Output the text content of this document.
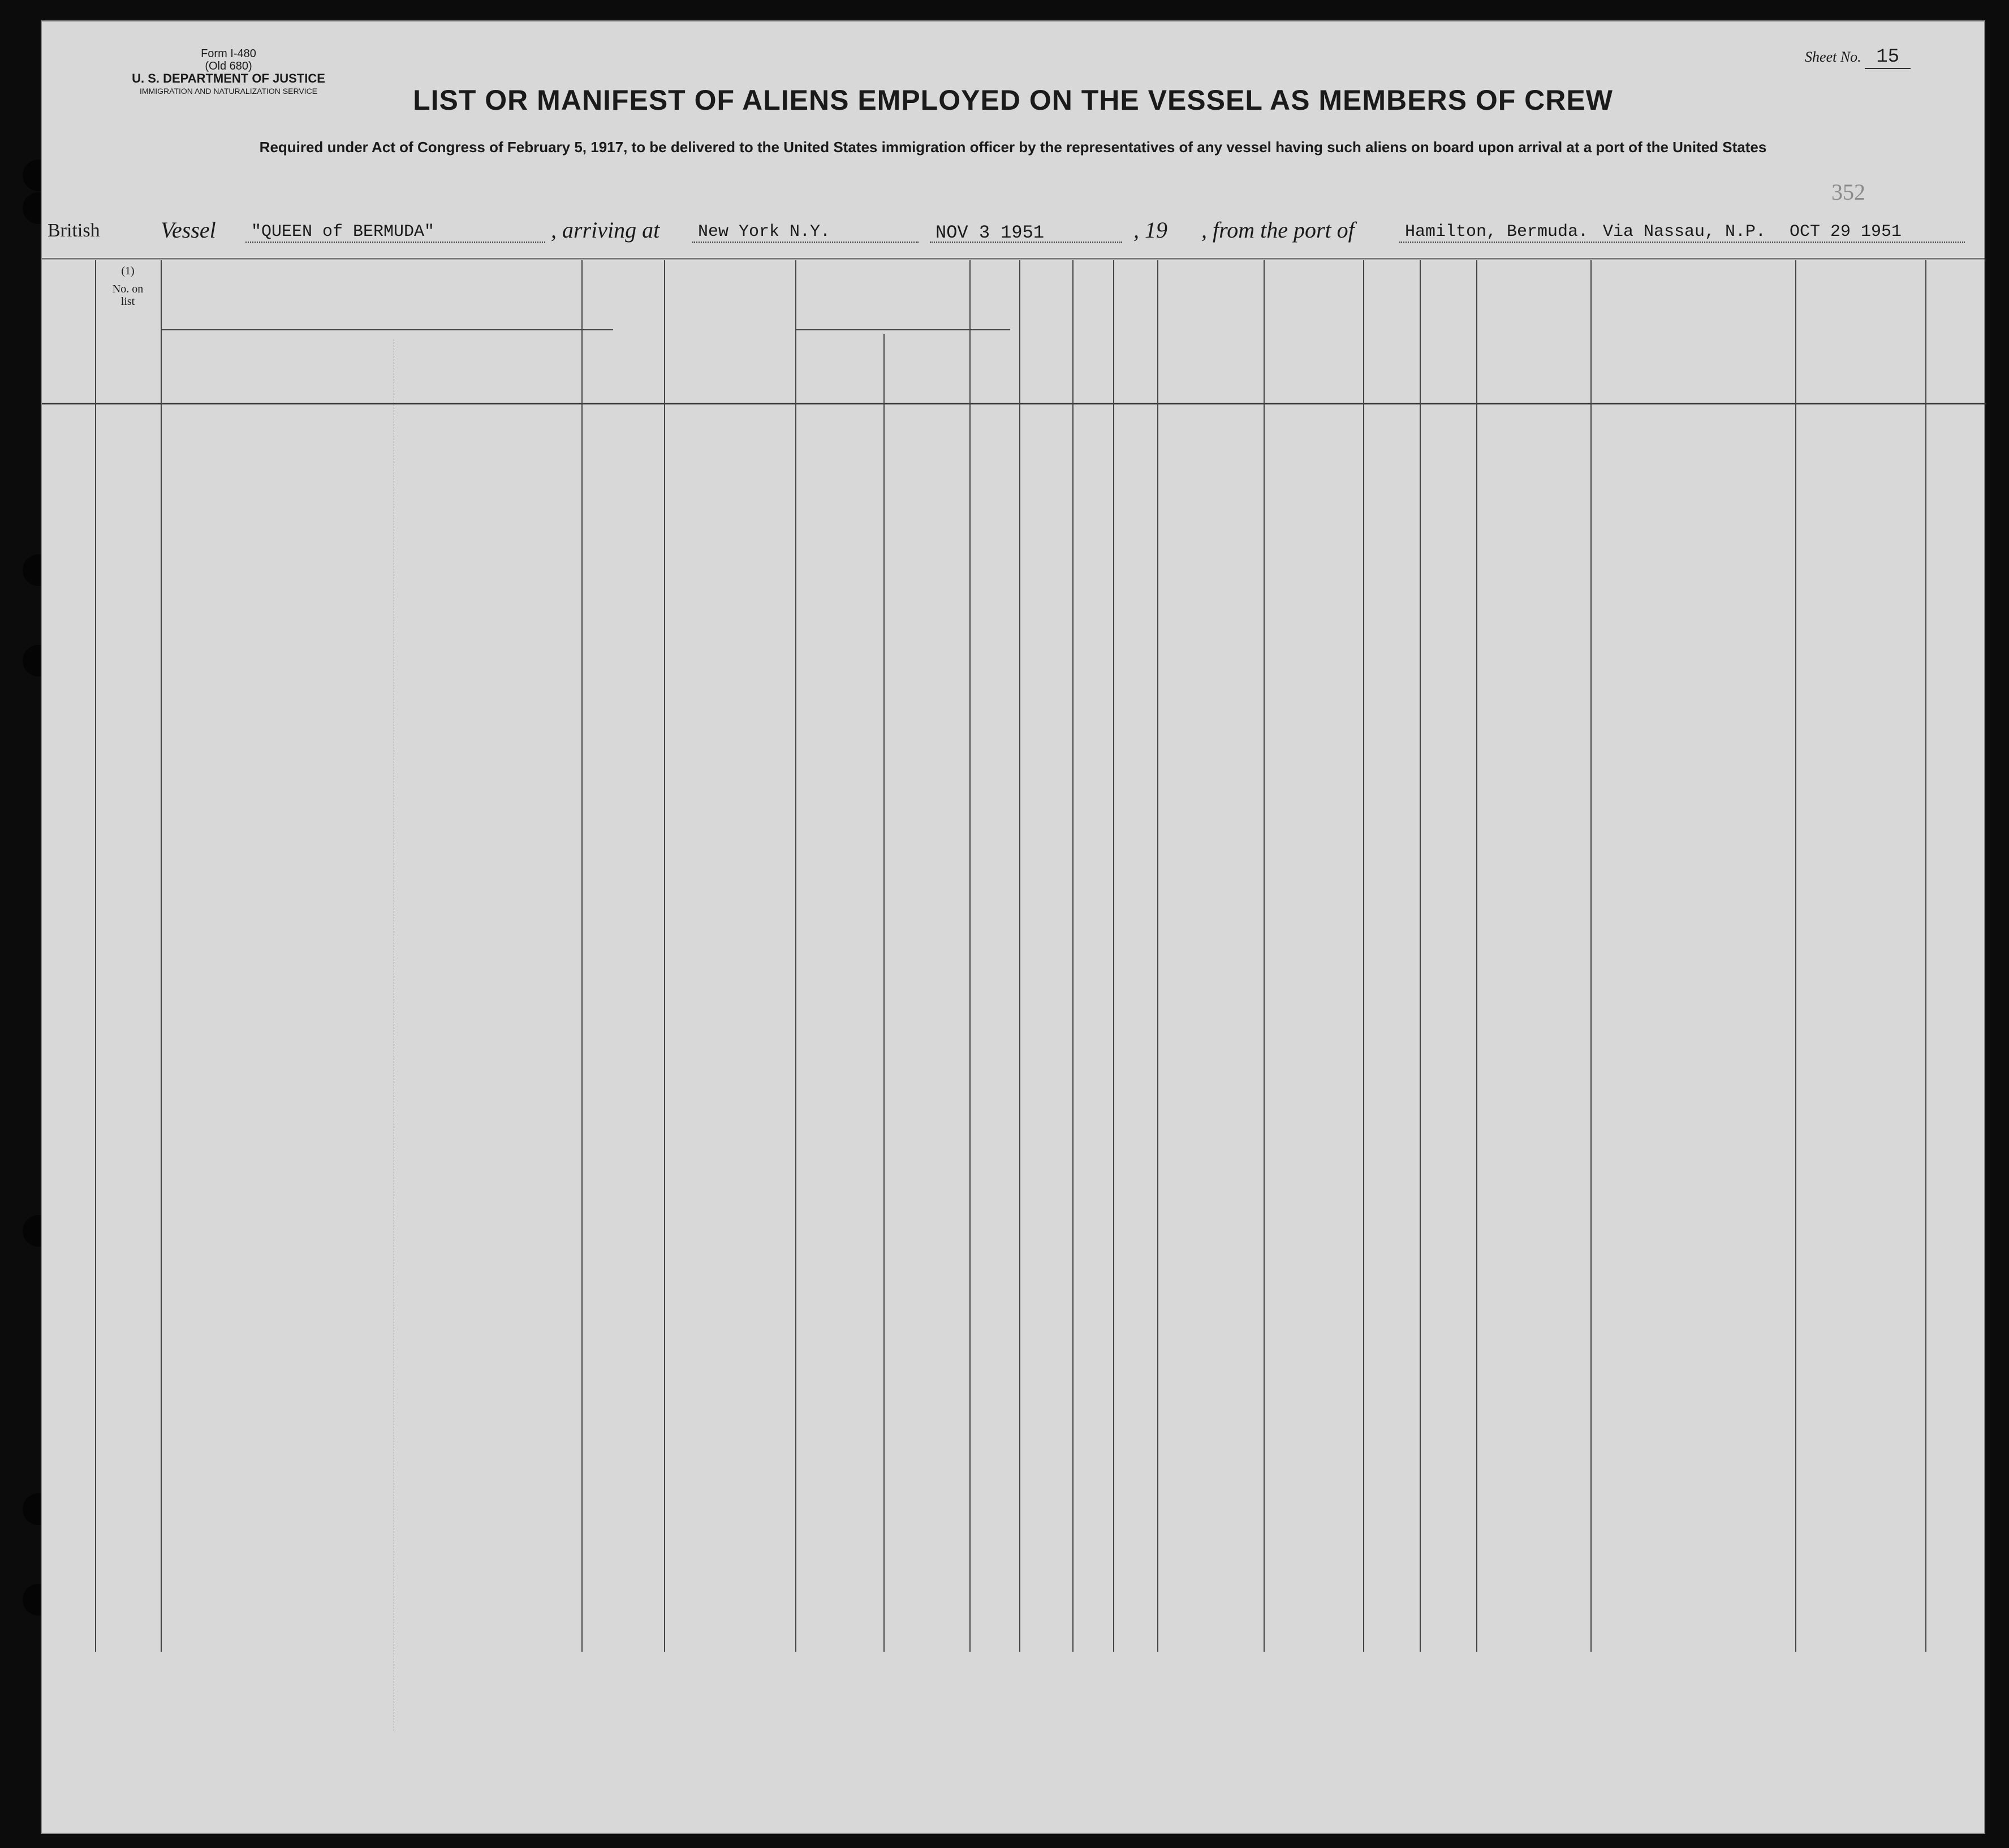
Form I-480
(Old 680)
U. S. DEPARTMENT OF JUSTICE
IMMIGRATION AND NATURALIZATION SERVICE
Sheet No. 15
LIST OR MANIFEST OF ALIENS EMPLOYED ON THE VESSEL AS MEMBERS OF CREW
Required under Act of Congress of February 5, 1917, to be delivered to the United States immigration officer by the representatives of any vessel having such aliens on board upon arrival at a port of the United States
352
British	Vessel "QUEEN of BERMUDA"	, arriving at New York N.Y.	NOV 3 1951	, 19 , from the port of	Hamilton, Bermuda. Via Nassau, N.P. OCT 29 1951
(1)
No. on list
